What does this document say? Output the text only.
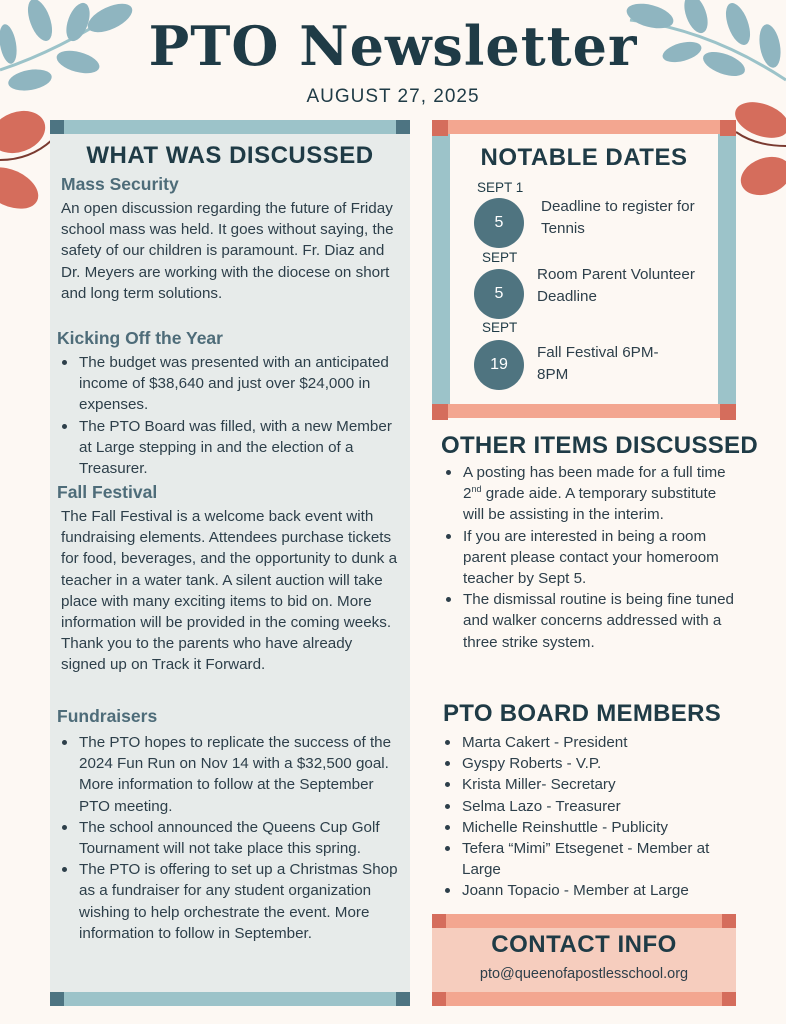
PTO Newsletter
AUGUST 27, 2025
WHAT WAS DISCUSSED
Mass Security

An open discussion regarding the future of Friday school mass was held. It goes without saying, the safety of our children is paramount. Fr. Diaz and Dr. Meyers are working with the diocese on short and long term solutions.

Kicking Off the Year
The budget was presented with an anticipated income of $38,640 and just over $24,000 in expenses.
The PTO Board was filled, with a new Member at Large stepping in and the election of a Treasurer.
Fall Festival

The Fall Festival is a welcome back event with fundraising elements. Attendees purchase tickets for food, beverages, and the opportunity to dunk a teacher in a water tank. A silent auction will take place with many exciting items to bid on. More information will be provided in the coming weeks. Thank you to the parents who have already signed up on Track it Forward.

Fundraisers
The PTO hopes to replicate the success of the 2024 Fun Run on Nov 14 with a $32,500 goal. More information to follow at the September PTO meeting.
The school announced the Queens Cup Golf Tournament will not take place this spring.
The PTO is offering to set up a Christmas Shop as a fundraiser for any student organization wishing to help orchestrate the event. More information to follow in September.
NOTABLE DATES
SEPT 1
5
Deadline to register for Tennis
SEPT
5
Room Parent Volunteer Deadline
SEPT
19
Fall Festival 6PM-8PM
OTHER ITEMS DISCUSSED
A posting has been made for a full time 2nd grade aide. A temporary substitute will be assisting in the interim.
If you are interested in being a room parent please contact your homeroom teacher by Sept 5.
The dismissal routine is being fine tuned and walker concerns addressed with a three strike system.
PTO BOARD MEMBERS
Marta Cakert - President
Gyspy Roberts - V.P.
Krista Miller- Secretary
Selma Lazo - Treasurer
Michelle Reinshuttle - Publicity
Tefera “Mimi” Etsegenet - Member at Large
Joann Topacio - Member at Large
CONTACT INFO
pto@queenofapostlesschool.org
